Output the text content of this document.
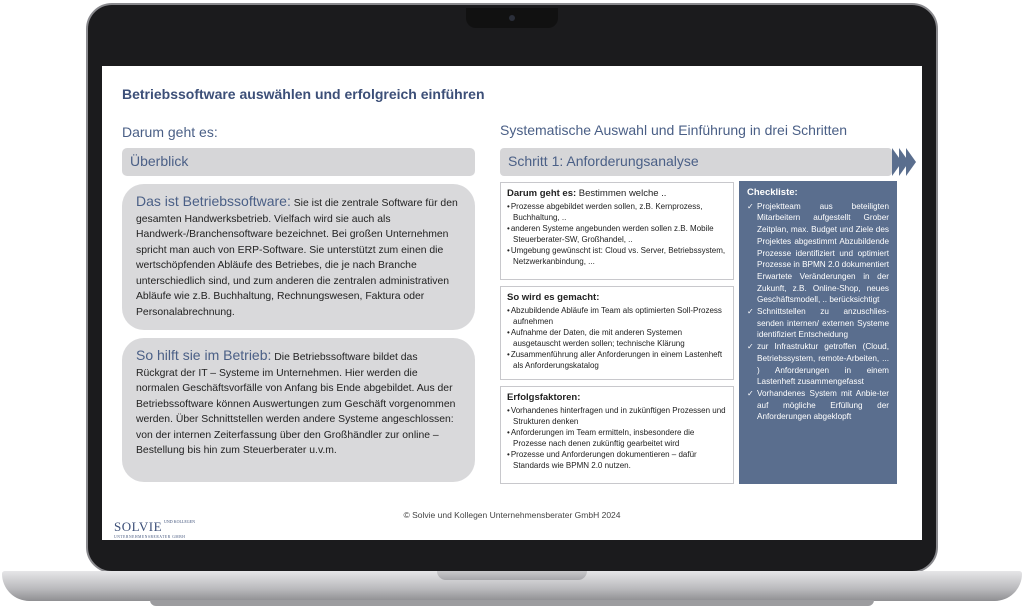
Betriebssoftware auswählen und erfolgreich einführen
Darum geht es:
Überblick
Das ist Betriebssoftware: Sie ist die zentrale Software für den gesamten Handwerksbetrieb. Vielfach wird sie auch als Handwerk-/Branchensoftware bezeichnet. Bei großen Unternehmen spricht man auch von ERP-Software. Sie unterstützt zum einen die wertschöpfenden Abläufe des Betriebes, die je nach Branche unterschiedlich sind, und zum anderen die zentralen administrativen Abläufe wie z.B. Buchhaltung, Rechnungswesen, Faktura oder Personalabrechnung.
So hilft sie im Betrieb: Die Betriebssoftware bildet das Rückgrat der IT – Systeme im Unternehmen. Hier werden die normalen Geschäftsvorfälle von Anfang bis Ende abgebildet. Aus der Betriebssoftware können Auswertungen zum Geschäft vorgenommen werden. Über Schnittstellen werden andere Systeme angeschlossen: von der internen Zeiterfassung über den Großhändler zur online – Bestellung bis hin zum Steuerberater u.v.m.
Systematische Auswahl und Einführung in drei Schritten
Schritt 1: Anforderungsanalyse
Darum geht es: Bestimmen welche ..
• Prozesse abgebildet werden sollen, z.B. Kernprozess, Buchhaltung, ..
• anderen Systeme angebunden werden sollen z.B. Mobile Steuerberater-SW, Großhandel, ..
• Umgebung gewünscht ist: Cloud vs. Server, Betriebssystem, Netzwerkanbindung, ...
So wird es gemacht:
• Abzubildende Abläufe im Team als optimierten Soll-Prozess aufnehmen
• Aufnahme der Daten, die mit anderen Systemen ausgetauscht werden sollen; technische Klärung
• Zusammenführung aller Anforderungen in einem Lastenheft als Anforderungskatalog
Erfolgsfaktoren:
• Vorhandenes hinterfragen und in zukünftigen Prozessen und Strukturen denken
• Anforderungen im Team ermitteln, insbesondere die Prozesse nach denen zukünftig gearbeitet wird
• Prozesse und Anforderungen dokumentieren – dafür Standards wie BPMN 2.0 nutzen.
Checkliste:
✓ Projektteam aus beteiligten Mitarbeitern aufgestellt Grober Zeitplan, max. Budget und Ziele des Projektes abgestimmt Abzubildende Prozesse identifiziert und optimiert Prozesse in BPMN 2.0 dokumentiert Erwartete Veränderungen in der Zukunft, z.B. Online-Shop, neues Geschäftsmodell, .. berücksichtigt
✓ Schnittstellen zu anzuschlies-senden internen/ externen Systeme identifiziert Entscheidung
✓ zur Infrastruktur getroffen (Cloud, Betriebssystem, remote-Arbeiten, ... ) Anforderungen in einem Lastenheft zusammengefasst
✓ Vorhandenes System mit Anbie-ter auf mögliche Erfüllung der Anforderungen abgeklopft
© Solvie und Kollegen Unternehmensberater GmbH 2024
SOLVIE UND KOLLEGEN
UNTERNEHMENSBERATER GMBH
